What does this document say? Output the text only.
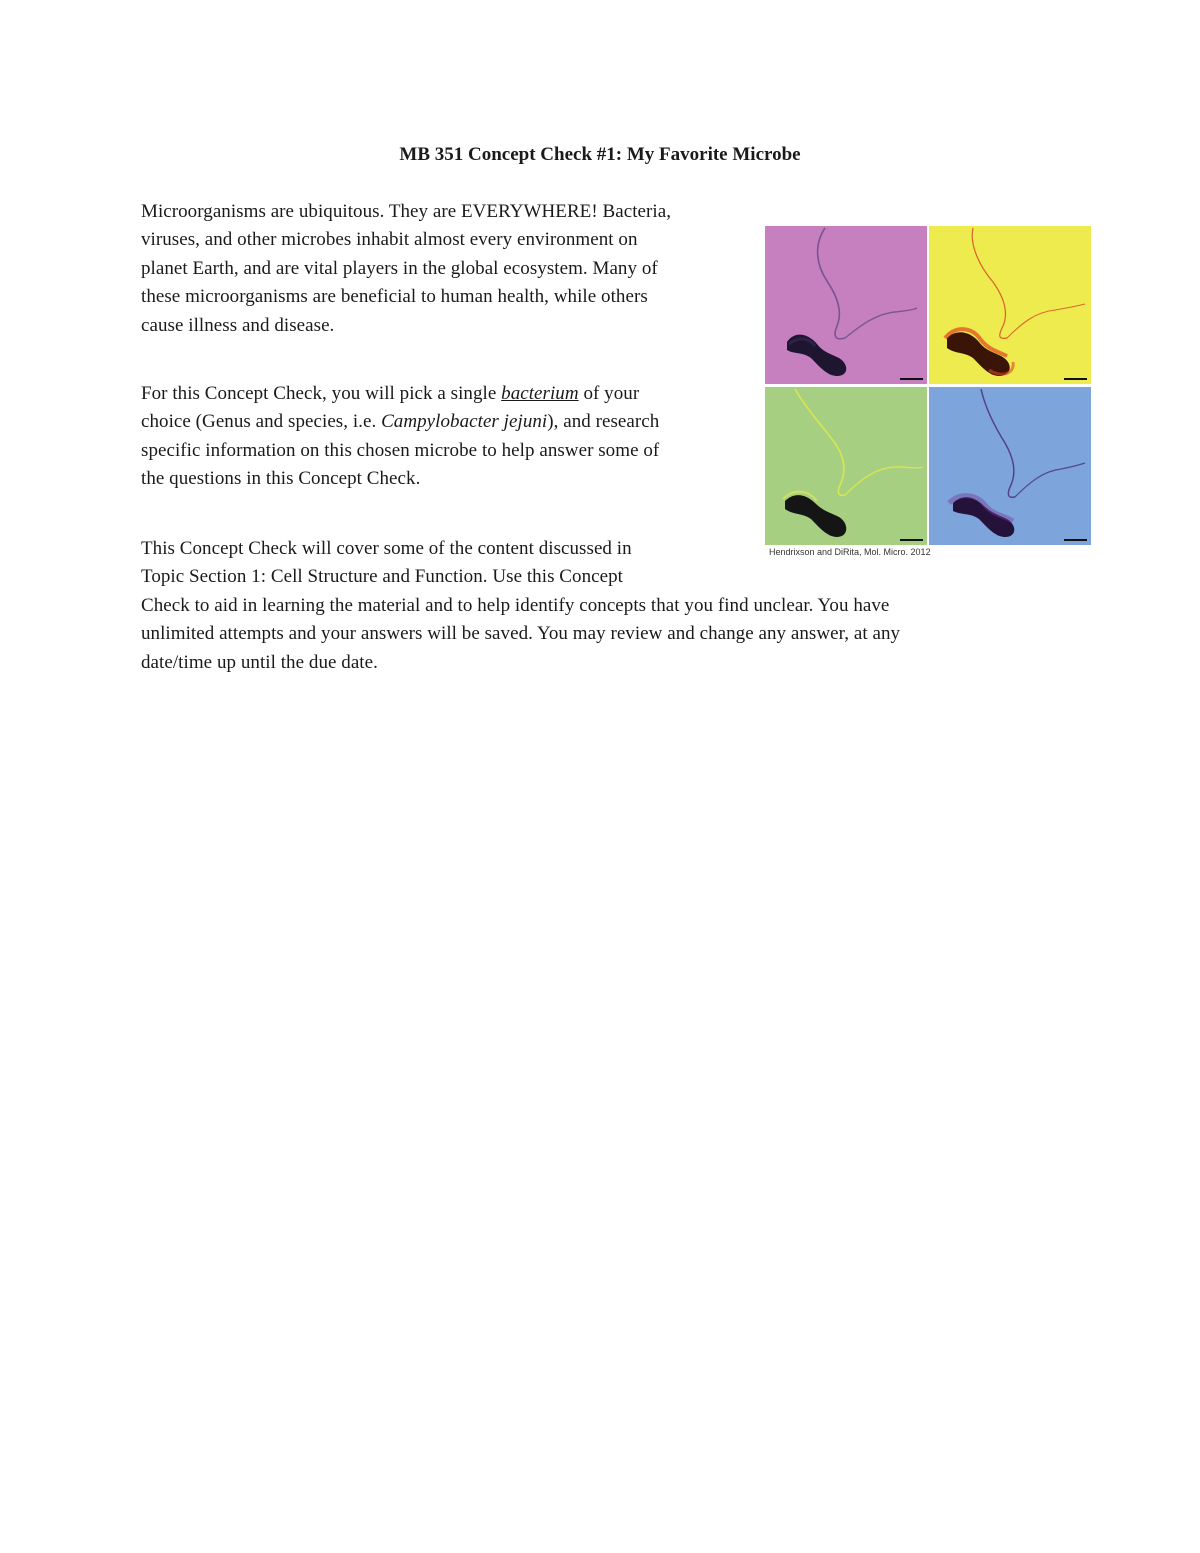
MB 351 Concept Check #1: My Favorite Microbe

Microorganisms are ubiquitous. They are EVERYWHERE! Bacteria,
viruses, and other microbes inhabit almost every environment on
planet Earth, and are vital players in the global ecosystem. Many of
these microorganisms are beneficial to human health, while others
cause illness and disease.

For this Concept Check, you will pick a single bacterium of your
choice (Genus and species, i.e. Campylobacter jejuni), and research
specific information on this chosen microbe to help answer some of
the questions in this Concept Check.

This Concept Check will cover some of the content discussed in
Topic Section 1: Cell Structure and Function. Use this Concept
Check to aid in learning the material and to help identify concepts that you find unclear. You have
unlimited attempts and your answers will be saved. You may review and change any answer, at any
date/time up until the due date.

Hendrixson and DiRita, Mol. Micro. 2012
